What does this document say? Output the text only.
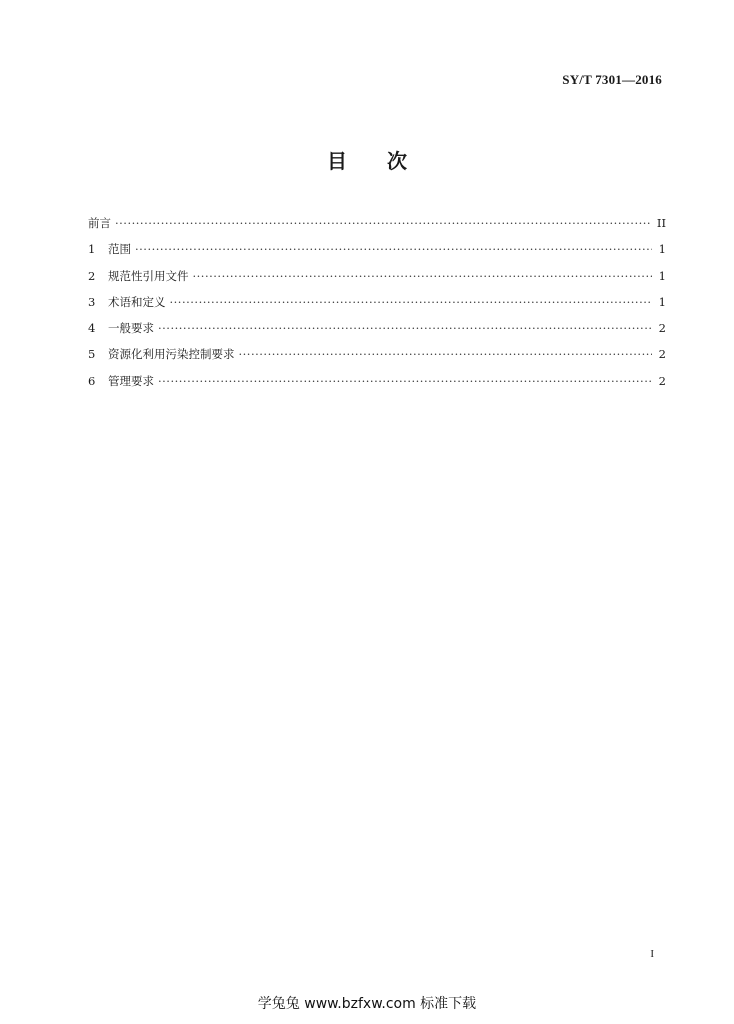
SY/T 7301—2016
目 次
前言 ·····	II
1	范围 ·····	1
2	规范性引用文件 ·····	1
3	术语和定义 ·····	1
4	一般要求 ·····	2
5	资源化利用污染控制要求 ·····	2
6	管理要求 ·····	2
I
学兔兔 www.bzfxw.com 标准下载
